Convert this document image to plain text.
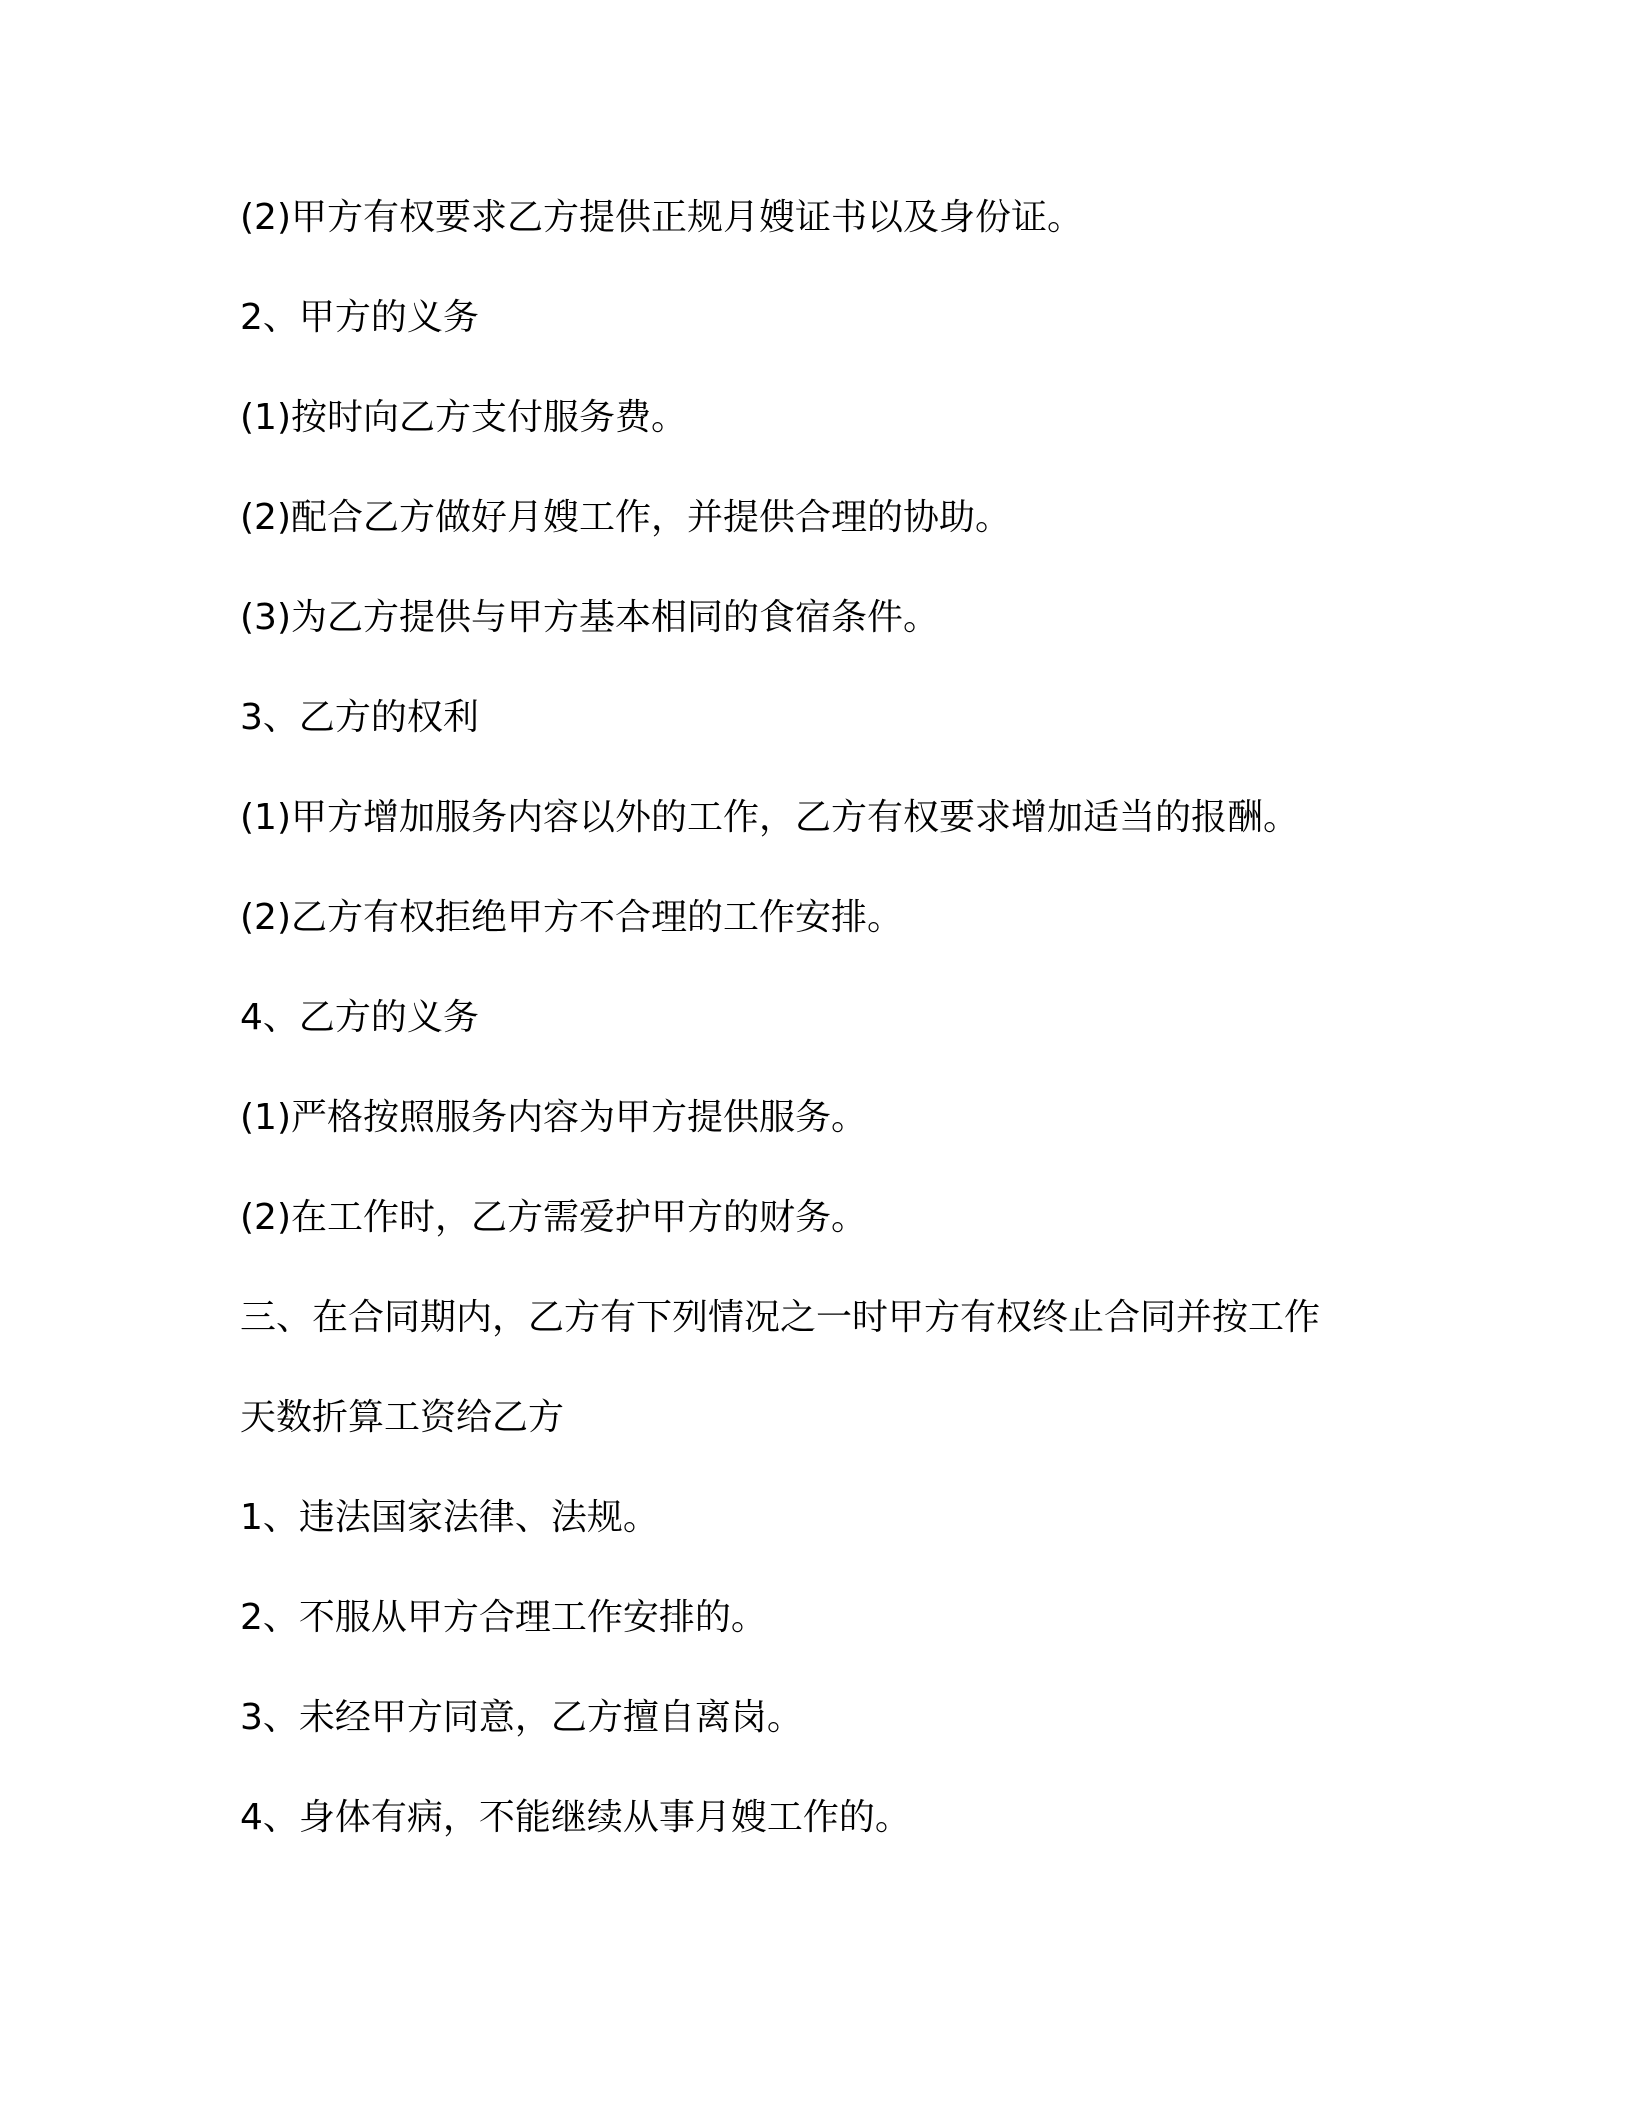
(2)甲方有权要求乙方提供正规月嫂证书以及身份证。
2、甲方的义务
(1)按时向乙方支付服务费。
(2)配合乙方做好月嫂工作，并提供合理的协助。
(3)为乙方提供与甲方基本相同的食宿条件。
3、乙方的权利
(1)甲方增加服务内容以外的工作，乙方有权要求增加适当的报酬。
(2)乙方有权拒绝甲方不合理的工作安排。
4、乙方的义务
(1)严格按照服务内容为甲方提供服务。
(2)在工作时，乙方需爱护甲方的财务。
三、在合同期内，乙方有下列情况之一时甲方有权终止合同并按工作
天数折算工资给乙方
1、违法国家法律、法规。
2、不服从甲方合理工作安排的。
3、未经甲方同意，乙方擅自离岗。
4、身体有病，不能继续从事月嫂工作的。
